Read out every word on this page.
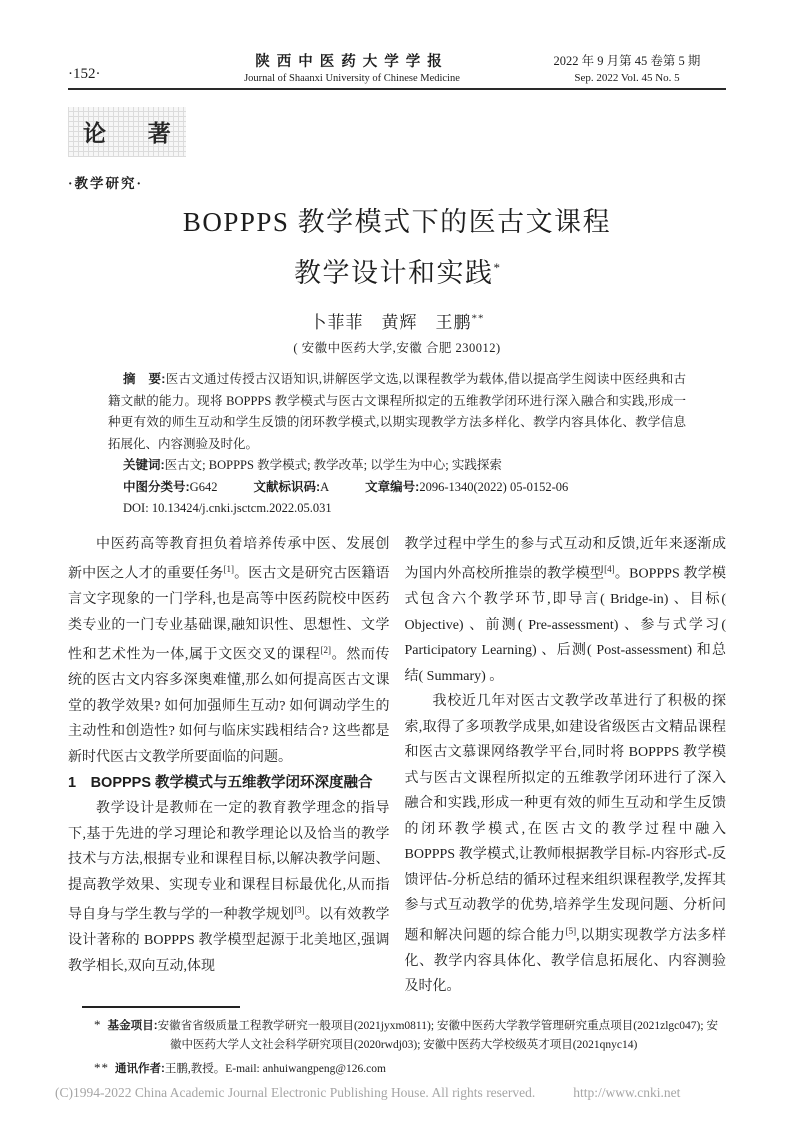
·152·
陕西中医药大学学报
Journal of Shaanxi University of Chinese Medicine
2022 年 9 月第 45 卷第 5 期
Sep. 2022 Vol. 45 No. 5
论 著
·教学研究·
BOPPPS 教学模式下的医古文课程
教学设计和实践*
卜菲菲　黄辉　王鹏**
( 安徽中医药大学,安徽 合肥 230012)

摘　要:医古文通过传授古汉语知识,讲解医学文选,以课程教学为载体,借以提高学生阅读中医经典和古籍文献的能力。现将 BOPPPS 教学模式与医古文课程所拟定的五维教学闭环进行深入融合和实践,形成一种更有效的师生互动和学生反馈的闭环教学模式,以期实现教学方法多样化、教学内容具体化、教学信息拓展化、内容测验及时化。

关键词:医古文; BOPPPS 教学模式; 教学改革; 以学生为中心; 实践探索

中图分类号:G642	文献标识码:A	文章编号:2096-1340(2022) 05-0152-06

DOI: 10.13424/j.cnki.jsctcm.2022.05.031

中医药高等教育担负着培养传承中医、发展创新中医之人才的重要任务[1]。医古文是研究古医籍语言文字现象的一门学科,也是高等中医药院校中医药类专业的一门专业基础课,融知识性、思想性、文学性和艺术性为一体,属于文医交叉的课程[2]。然而传统的医古文内容多深奥难懂,那么如何提高医古文课堂的教学效果? 如何加强师生互动? 如何调动学生的主动性和创造性? 如何与临床实践相结合? 这些都是新时代医古文教学所要面临的问题。

1　BOPPPS 教学模式与五维教学闭环深度融合

教学设计是教师在一定的教育教学理念的指导下,基于先进的学习理论和教学理论以及恰当的教学技术与方法,根据专业和课程目标,以解决教学问题、提高教学效果、实现专业和课程目标最优化,从而指导自身与学生教与学的一种教学规划[3]。以有效教学设计著称的 BOPPPS 教学模型起源于北美地区,强调教学相长,双向互动,体现

教学过程中学生的参与式互动和反馈,近年来逐渐成为国内外高校所推崇的教学模型[4]。BOPPPS 教学模式包含六个教学环节,即导言( Bridge-in) 、目标( Objective) 、前测( Pre-assessment) 、参与式学习( Participatory Learning) 、后测( Post-assessment) 和总结( Summary) 。

我校近几年对医古文教学改革进行了积极的探索,取得了多项教学成果,如建设省级医古文精品课程和医古文慕课网络教学平台,同时将 BOPPPS 教学模式与医古文课程所拟定的五维教学闭环进行了深入融合和实践,形成一种更有效的师生互动和学生反馈的闭环教学模式,在医古文的教学过程中融入 BOPPPS 教学模式,让教师根据教学目标-内容形式-反馈评估-分析总结的循环过程来组织课程教学,发挥其参与式互动教学的优势,培养学生发现问题、分析问题和解决问题的综合能力[5],以期实现教学方法多样化、教学内容具体化、教学信息拓展化、内容测验及时化。

* 基金项目:安徽省省级质量工程教学研究一般项目(2021jyxm0811); 安徽中医药大学教学管理研究重点项目(2021zlgc047); 安徽中医药大学人文社会科学研究项目(2020rwdj03); 安徽中医药大学校级英才项目(2021qnyc14)

** 通讯作者:王鹏,教授。E-mail: anhuiwangpeng@126.com

(C)1994-2022 China Academic Journal Electronic Publishing House. All rights reserved.	http://www.cnki.net
